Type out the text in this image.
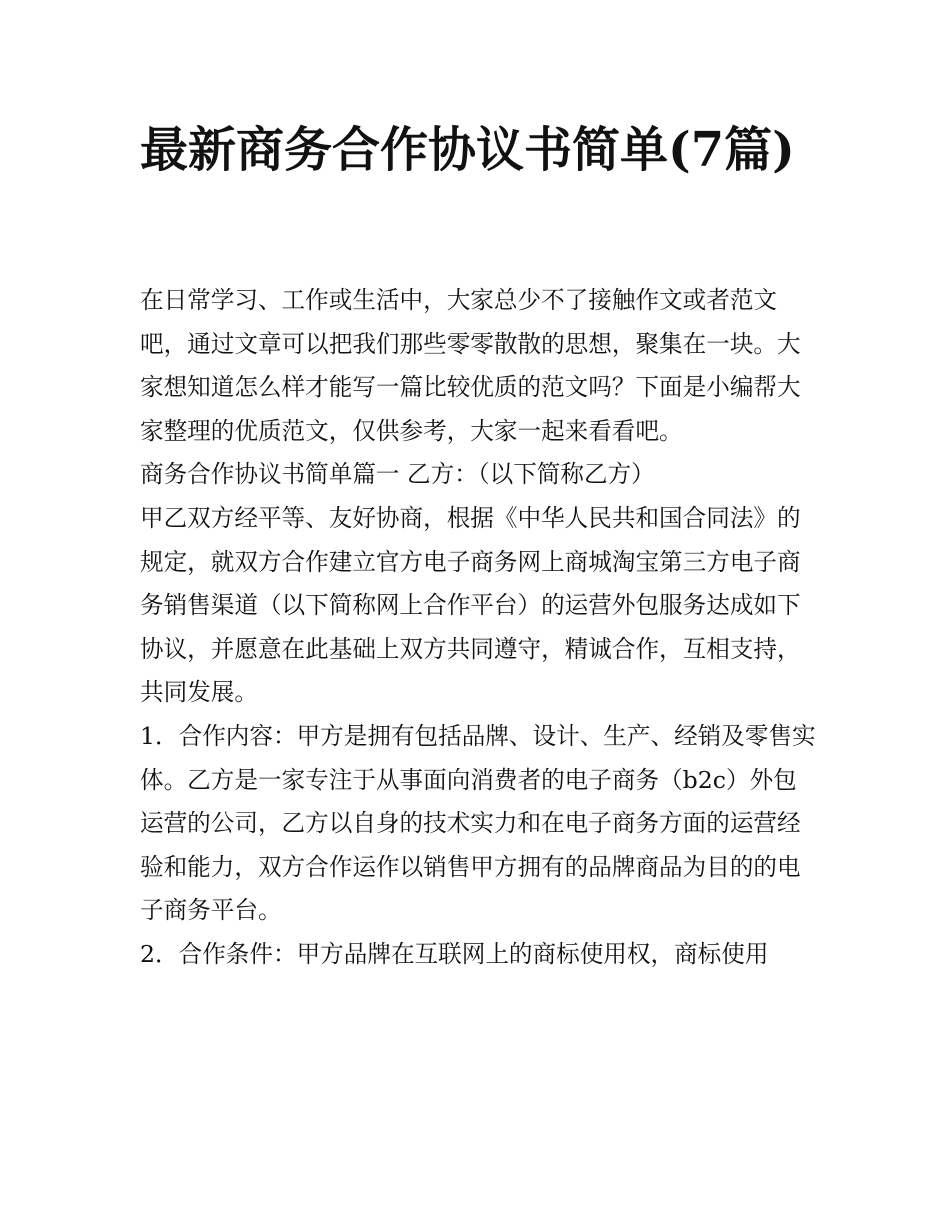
最新商务合作协议书简单(7篇)

在日常学习、工作或生活中，大家总少不了接触作文或者范文吧，通过文章可以把我们那些零零散散的思想，聚集在一块。大家想知道怎么样才能写一篇比较优质的范文吗？下面是小编帮大家整理的优质范文，仅供参考，大家一起来看看吧。

商务合作协议书简单篇一 乙方：（以下简称乙方）

甲乙双方经平等、友好协商，根据《中华人民共和国合同法》的规定，就双方合作建立官方电子商务网上商城淘宝第三方电子商务销售渠道（以下简称网上合作平台）的运营外包服务达成如下协议，并愿意在此基础上双方共同遵守，精诚合作，互相支持，共同发展。

1．合作内容：甲方是拥有包括品牌、设计、生产、经销及零售实体。乙方是一家专注于从事面向消费者的电子商务（b2c）外包运营的公司，乙方以自身的技术实力和在电子商务方面的运营经验和能力，双方合作运作以销售甲方拥有的品牌商品为目的的电子商务平台。

2．合作条件：甲方品牌在互联网上的商标使用权，商标使用
